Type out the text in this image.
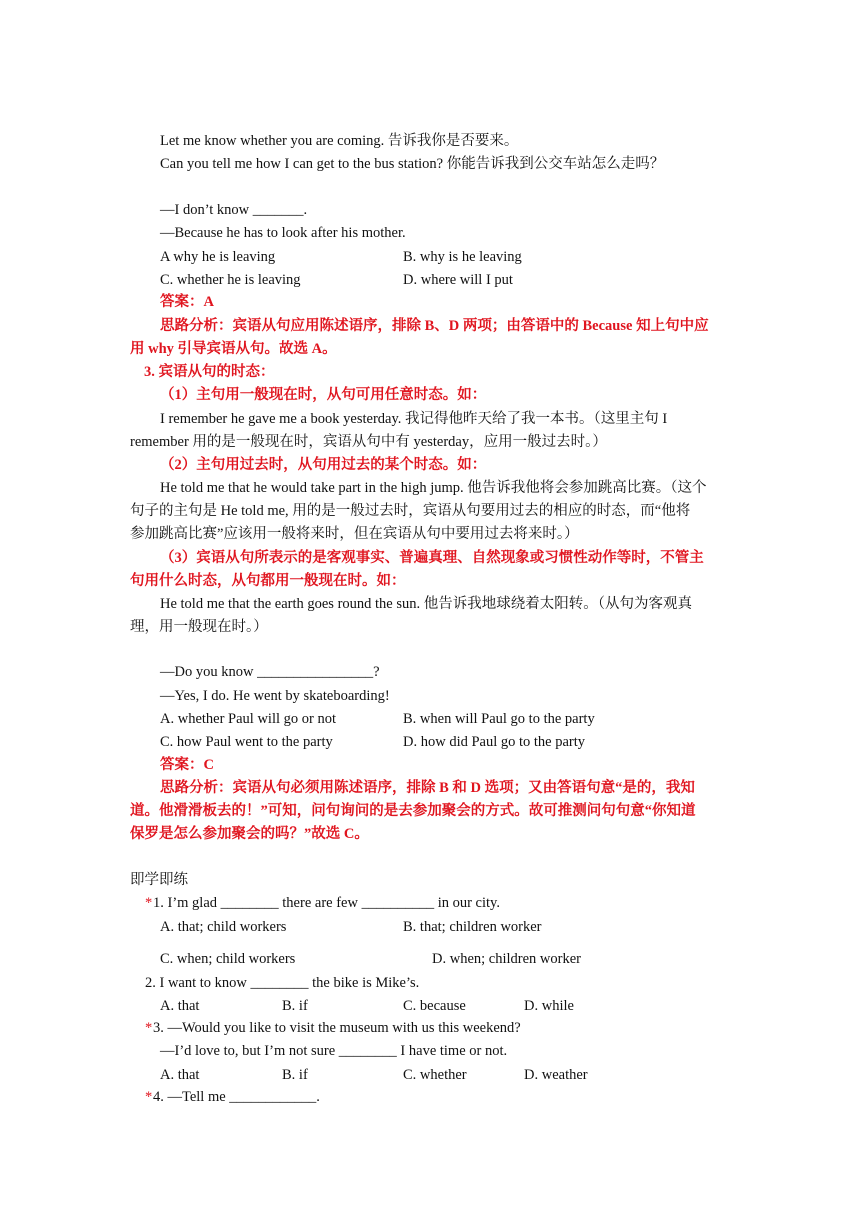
Let me know whether you are coming. 告诉我你是否要来。
Can you tell me how I can get to the bus station? 你能告诉我到公交车站怎么走吗？
—I don’t know _______.
—Because he has to look after his mother.
A why he is leaving	B. why is he leaving
C. whether he is leaving	D. where will I put
答案：A
思路分析：宾语从句应用陈述语序，排除 B、D 两项；由答语中的 Because 知上句中应
用 why 引导宾语从句。故选 A。
3. 宾语从句的时态：
（1）主句用一般现在时，从句可用任意时态。如：
I remember he gave me a book yesterday. 我记得他昨天给了我一本书。（这里主句 I
remember 用的是一般现在时，宾语从句中有 yesterday，应用一般过去时。）
（2）主句用过去时，从句用过去的某个时态。如：
He told me that he would take part in the high jump. 他告诉我他将会参加跳高比赛。（这个
句子的主句是 He told me, 用的是一般过去时，宾语从句要用过去的相应的时态，而“他将
参加跳高比赛”应该用一般将来时，但在宾语从句中要用过去将来时。）
（3）宾语从句所表示的是客观事实、普遍真理、自然现象或习惯性动作等时，不管主
句用什么时态，从句都用一般现在时。如：
He told me that the earth goes round the sun. 他告诉我地球绕着太阳转。（从句为客观真
理，用一般现在时。）
—Do you know ________________?
—Yes, I do. He went by skateboarding!
A. whether Paul will go or not	B. when will Paul go to the party
C. how Paul went to the party	D. how did Paul go to the party
答案：C
思路分析：宾语从句必须用陈述语序，排除 B 和 D 选项；又由答语句意“是的，我知
道。他滑滑板去的！”可知，问句询问的是去参加聚会的方式。故可推测问句句意“你知道
保罗是怎么参加聚会的吗？”故选 C。
即学即练
* 1. I’m glad ________ there are few __________ in our city.
A. that; child workers	B. that; children worker
C. when; child workers	D. when; children worker
2. I want to know ________ the bike is Mike’s.
A. that	B. if	C. because	D. while
* 3. —Would you like to visit the museum with us this weekend?
—I’d love to, but I’m not sure ________ I have time or not.
A. that	B. if	C. whether	D. weather
* 4. —Tell me ____________.
